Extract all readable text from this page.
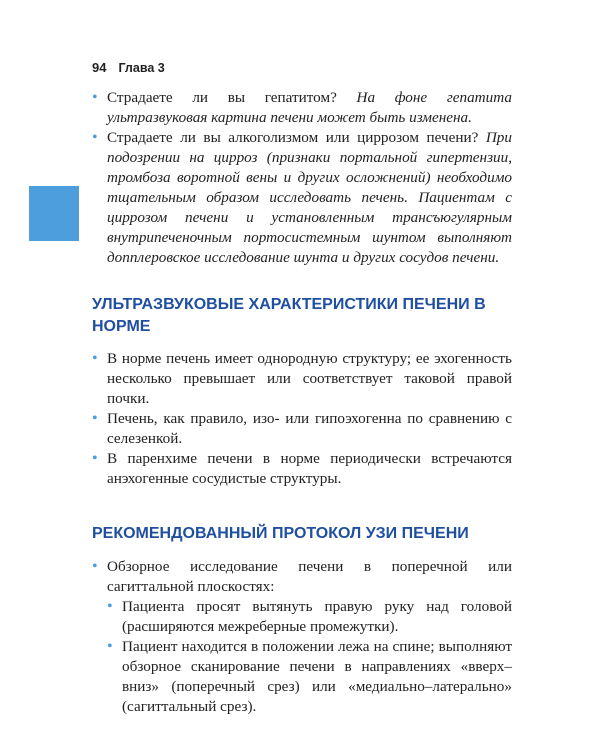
94 Глава 3
• Страдаете ли вы гепатитом? На фоне гепатита ультразвуковая картина печени может быть изменена.
• Страдаете ли вы алкоголизмом или циррозом печени? При подозрении на цирроз (признаки портальной гипертензии, тромбоза воротной вены и других осложнений) необходимо тщательным образом исследовать печень. Пациентам с циррозом печени и установленным трансъюгулярным внутрипеченочным портосистемным шунтом выполняют допплеровское исследование шунта и других сосудов печени.
УЛЬТРАЗВУКОВЫЕ ХАРАКТЕРИСТИКИ ПЕЧЕНИ В НОРМЕ
• В норме печень имеет однородную структуру; ее эхогенность несколько превышает или соответствует таковой правой почки.
• Печень, как правило, изо- или гипоэхогенна по сравнению с селезенкой.
• В паренхиме печени в норме периодически встречаются анэхогенные сосудистые структуры.
РЕКОМЕНДОВАННЫЙ ПРОТОКОЛ УЗИ ПЕЧЕНИ
• Обзорное исследование печени в поперечной или сагиттальной плоскостях:
• Пациента просят вытянуть правую руку над головой (расширяются межреберные промежутки).
• Пациент находится в положении лежа на спине; выполняют обзорное сканирование печени в направлениях «вверх–вниз» (поперечный срез) или «медиально–латерально» (сагиттальный срез).
